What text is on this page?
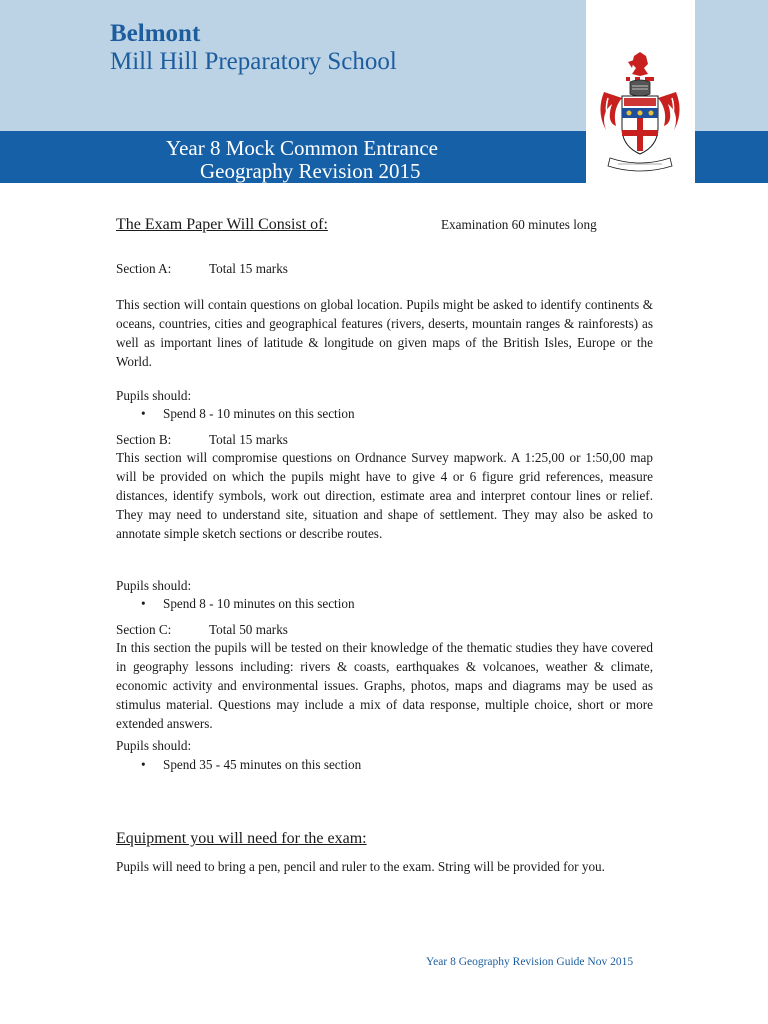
Belmont
Mill Hill Preparatory School
Year 8 Mock Common Entrance
Geography Revision 2015
The Exam Paper Will Consist of:	Examination 60 minutes long
Section A:	Total 15 marks
This section will contain questions on global location. Pupils might be asked to identify continents & oceans, countries, cities and geographical features (rivers, deserts, mountain ranges & rainforests) as well as important lines of latitude & longitude on given maps of the British Isles, Europe or the World.
Pupils should:
• Spend 8 - 10 minutes on this section
Section B:	Total 15 marks
This section will compromise questions on Ordnance Survey mapwork. A 1:25,00 or 1:50,00 map will be provided on which the pupils might have to give 4 or 6 figure grid references, measure distances, identify symbols, work out direction, estimate area and interpret contour lines or relief. They may need to understand site, situation and shape of settlement. They may also be asked to annotate simple sketch sections or describe routes.
Pupils should:
• Spend 8 - 10 minutes on this section
Section C:	Total 50 marks
In this section the pupils will be tested on their knowledge of the thematic studies they have covered in geography lessons including: rivers & coasts, earthquakes & volcanoes, weather & climate, economic activity and environmental issues. Graphs, photos, maps and diagrams may be used as stimulus material. Questions may include a mix of data response, multiple choice, short or more extended answers.
Pupils should:
• Spend 35 - 45 minutes on this section
Equipment you will need for the exam:
Pupils will need to bring a pen, pencil and ruler to the exam. String will be provided for you.
Year 8 Geography Revision Guide Nov 2015
